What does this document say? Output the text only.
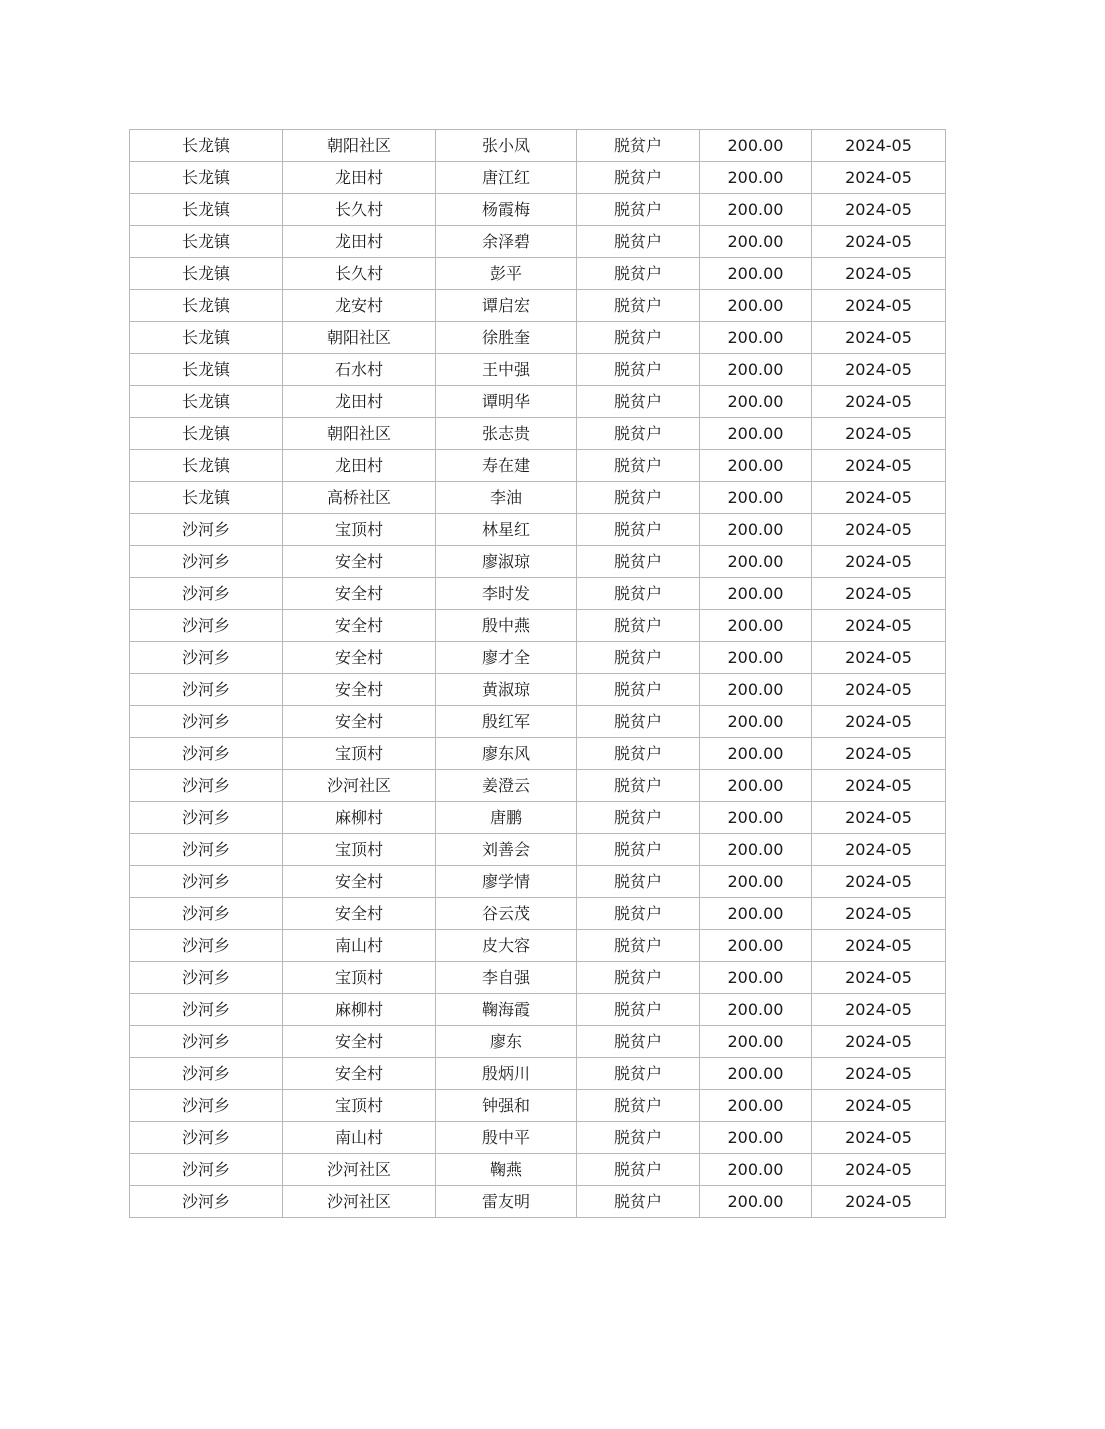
长龙镇	朝阳社区	张小凤	脱贫户	200.00	2024-05
长龙镇	龙田村	唐江红	脱贫户	200.00	2024-05
长龙镇	长久村	杨霞梅	脱贫户	200.00	2024-05
长龙镇	龙田村	余泽碧	脱贫户	200.00	2024-05
长龙镇	长久村	彭平	脱贫户	200.00	2024-05
长龙镇	龙安村	谭启宏	脱贫户	200.00	2024-05
长龙镇	朝阳社区	徐胜奎	脱贫户	200.00	2024-05
长龙镇	石水村	王中强	脱贫户	200.00	2024-05
长龙镇	龙田村	谭明华	脱贫户	200.00	2024-05
长龙镇	朝阳社区	张志贵	脱贫户	200.00	2024-05
长龙镇	龙田村	寿在建	脱贫户	200.00	2024-05
长龙镇	高桥社区	李油	脱贫户	200.00	2024-05
沙河乡	宝顶村	林星红	脱贫户	200.00	2024-05
沙河乡	安全村	廖淑琼	脱贫户	200.00	2024-05
沙河乡	安全村	李时发	脱贫户	200.00	2024-05
沙河乡	安全村	殷中燕	脱贫户	200.00	2024-05
沙河乡	安全村	廖才全	脱贫户	200.00	2024-05
沙河乡	安全村	黄淑琼	脱贫户	200.00	2024-05
沙河乡	安全村	殷红军	脱贫户	200.00	2024-05
沙河乡	宝顶村	廖东风	脱贫户	200.00	2024-05
沙河乡	沙河社区	姜澄云	脱贫户	200.00	2024-05
沙河乡	麻柳村	唐鹏	脱贫户	200.00	2024-05
沙河乡	宝顶村	刘善会	脱贫户	200.00	2024-05
沙河乡	安全村	廖学情	脱贫户	200.00	2024-05
沙河乡	安全村	谷云茂	脱贫户	200.00	2024-05
沙河乡	南山村	皮大容	脱贫户	200.00	2024-05
沙河乡	宝顶村	李自强	脱贫户	200.00	2024-05
沙河乡	麻柳村	鞠海霞	脱贫户	200.00	2024-05
沙河乡	安全村	廖东	脱贫户	200.00	2024-05
沙河乡	安全村	殷炳川	脱贫户	200.00	2024-05
沙河乡	宝顶村	钟强和	脱贫户	200.00	2024-05
沙河乡	南山村	殷中平	脱贫户	200.00	2024-05
沙河乡	沙河社区	鞠燕	脱贫户	200.00	2024-05
沙河乡	沙河社区	雷友明	脱贫户	200.00	2024-05
